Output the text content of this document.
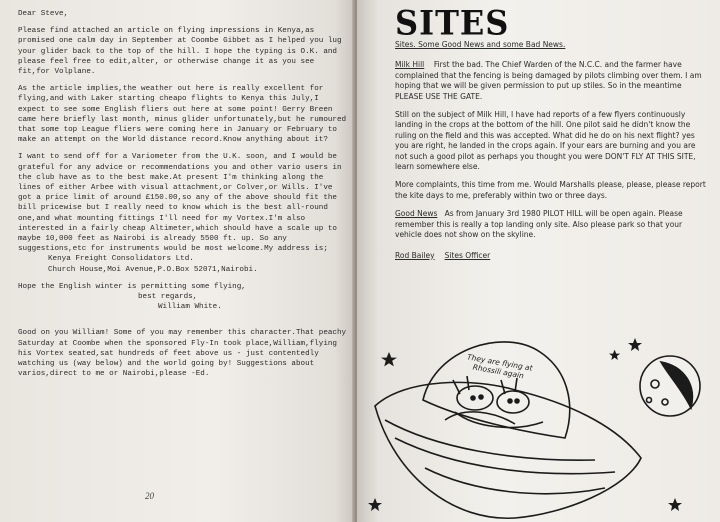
Dear Steve,

Please find attached an article on flying impressions in Kenya,as promised one calm day in September at Coombe Gibbet as I helped you lug your glider back to the top of the hill. I hope the typing is O.K. and please feel free to edit,alter, or otherwise change it as you see fit,for Volplane.

As the article implies,the weather out here is really excellent for flying,and with Laker starting cheapo flights to Kenya this July,I expect to see some English fliers out here at some point! Gerry Breen came here briefly last month, minus glider unfortunately,but he rumoured that some top League fliers were coming here in January or February to make an attempt on the World distance record.Know anything about it?

I want to send off for a Variometer from the U.K. soon, and I would be grateful for any advice or recommendations you and other vario users in the club have as to the best make.At present I'm thinking along the lines of either Arbee with visual attachment,or Colver,or Wills. I've got a price limit of around £150.00,so any of the above should fit the bill pricewise but I really need to know which is the best all-round one,and what mounting fittings I'll need for my Vortex.I'm also interested in a fairly cheap Altimeter,which should have a scale up to maybe 10,000 feet as Nairobi is already 5500 ft. up. So any suggestions,etc for instruments would be most welcome.My address is;

Kenya Freight Consolidators Ltd.

Church House,Moi Avenue,P.O.Box 52071,Nairobi.

Hope the English winter is permitting some flying,

best regards,

William White.

Good on you William! Some of you may remember this character.That peachy Saturday at Coombe when the sponsored Fly-In took place,William,flying his Vortex seated,sat hundreds of feet above us - just contentedly watching us (way below) and the world going by! Suggestions about varios,direct to me or Nairobi,please -Ed.

20
SITES

Sites. Some Good News and some Bad News.

Milk Hill First the bad. The Chief Warden of the N.C.C. and the farmer have complained that the fencing is being damaged by pilots climbing over them. I am hoping that we will be given permission to put up stiles. So in the meantime PLEASE USE THE GATE.

Still on the subject of Milk Hill, I have had reports of a few flyers continuously landing in the crops at the bottom of the hill. One pilot said he didn't know the ruling on the field and this was accepted. What did he do on his next flight? yes you are right, he landed in the crops again. If your ears are burning and you are not such a good pilot as perhaps you thought you were DON'T FLY AT THIS SITE, learn somewhere else.

More complaints, this time from me. Would Marshalls please, please, please report the kite days to me, preferably within two or three days.

Good News As from January 3rd 1980 PILOT HILL will be open again. Please remember this is really a top landing only site. Also please park so that your vehicle does not show on the skyline.

Rod Bailey Sites Officer

They are flying at Rhossili again
